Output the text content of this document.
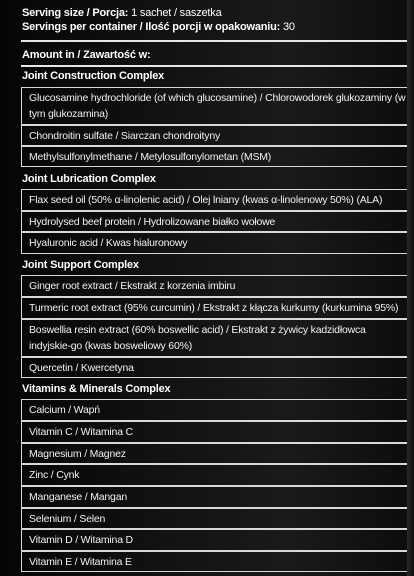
Serving size / Porcja: 1 sachet / saszetka
Servings per container / Ilość porcji w opakowaniu: 30
Amount in / Zawartość w:
Joint Construction Complex
Glucosamine hydrochloride (of which glucosamine) / Chlorowodorek glukozaminy (w tym glukozamina)
Chondroitin sulfate / Siarczan chondroityny
Methylsulfonylmethane / Metylosulfonylometan (MSM)
Joint Lubrication Complex
Flax seed oil (50% α-linolenic acid) / Olej lniany (kwas α-linolenowy 50%) (ALA)
Hydrolysed beef protein / Hydrolizowane białko wołowe
Hyaluronic acid / Kwas hialuronowy
Joint Support Complex
Ginger root extract / Ekstrakt z korzenia imbiru
Turmeric root extract (95% curcumin) / Ekstrakt z kłącza kurkumy (kurkumina 95%)
Boswellia resin extract (60% boswellic acid) / Ekstrakt z żywicy kadzidłowca indyjskie-go (kwas bosweliowy 60%)
Quercetin / Kwercetyna
Vitamins & Minerals Complex
Calcium / Wapń
Vitamin C / Witamina C
Magnesium / Magnez
Zinc / Cynk
Manganese / Mangan
Selenium / Selen
Vitamin D / Witamina D
Vitamin E / Witamina E
